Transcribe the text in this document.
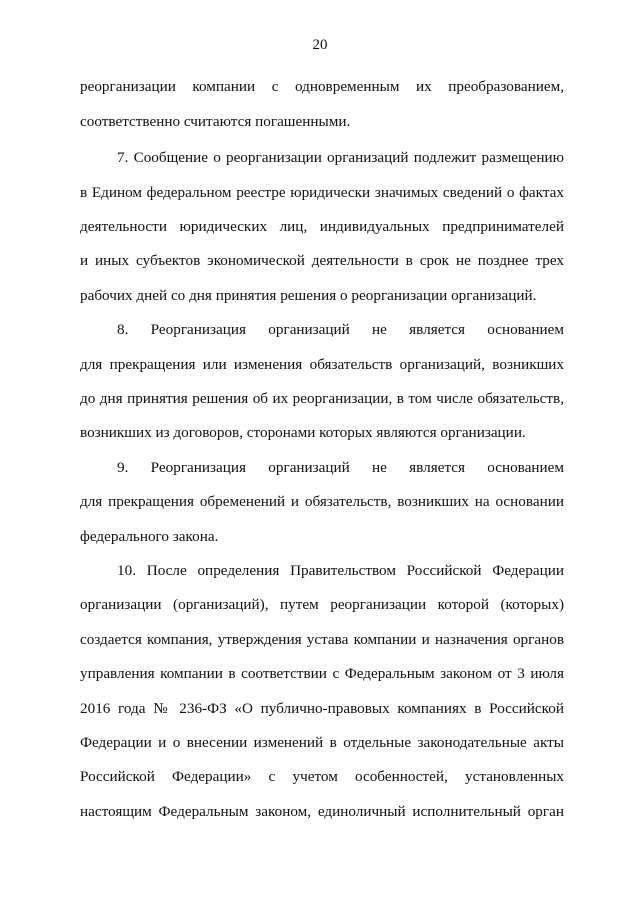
20
реорганизации компании с одновременным их преобразованием,
соответственно считаются погашенными.
7. Сообщение о реорганизации организаций подлежит размещению
в Едином федеральном реестре юридически значимых сведений о фактах
деятельности юридических лиц, индивидуальных предпринимателей
и иных субъектов экономической деятельности в срок не позднее трех
рабочих дней со дня принятия решения о реорганизации организаций.
8. Реорганизация организаций не является основанием
для прекращения или изменения обязательств организаций, возникших
до дня принятия решения об их реорганизации, в том числе обязательств,
возникших из договоров, сторонами которых являются организации.
9. Реорганизация организаций не является основанием
для прекращения обременений и обязательств, возникших на основании
федерального закона.
10. После определения Правительством Российской Федерации
организации (организаций), путем реорганизации которой (которых)
создается компания, утверждения устава компании и назначения органов
управления компании в соответствии с Федеральным законом от 3 июля
2016 года № 236-ФЗ «О публично-правовых компаниях в Российской
Федерации и о внесении изменений в отдельные законодательные акты
Российской Федерации» с учетом особенностей, установленных
настоящим Федеральным законом, единоличный исполнительный орган
